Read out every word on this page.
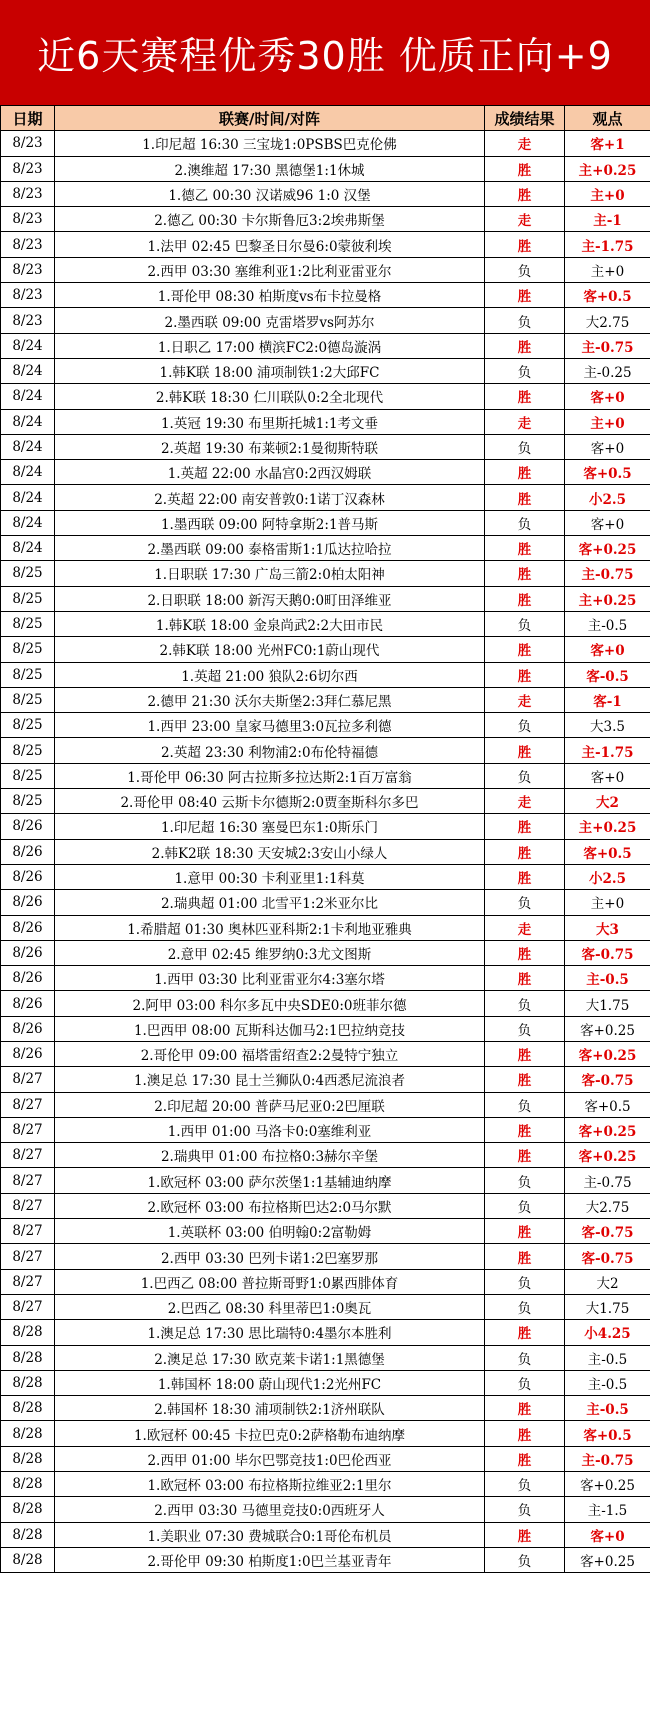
近6天赛程优秀30胜 优质正向+9
日期	联赛/时间/对阵	成绩结果	观点
8/23	1.印尼超 16:30 三宝垅1:0PSBS巴克伦佛	走	客+1
8/23	2.澳维超 17:30 黑德堡1:1休城	胜	主+0.25
8/23	1.德乙 00:30 汉诺威96 1:0 汉堡	胜	主+0
8/23	2.德乙 00:30 卡尔斯鲁厄3:2埃弗斯堡	走	主-1
8/23	1.法甲 02:45 巴黎圣日尔曼6:0蒙彼利埃	胜	主-1.75
8/23	2.西甲 03:30 塞维利亚1:2比利亚雷亚尔	负	主+0
8/23	1.哥伦甲 08:30 柏斯度vs布卡拉曼格	胜	客+0.5
8/23	2.墨西联 09:00 克雷塔罗vs阿苏尔	负	大2.75
8/24	1.日职乙 17:00 横滨FC2:0德岛漩涡	胜	主-0.75
8/24	1.韩K联 18:00 浦项制铁1:2大邱FC	负	主-0.25
8/24	2.韩K联 18:30 仁川联队0:2全北现代	胜	客+0
8/24	1.英冠 19:30 布里斯托城1:1考文垂	走	主+0
8/24	2.英超 19:30 布莱顿2:1曼彻斯特联	负	客+0
8/24	1.英超 22:00 水晶宫0:2西汉姆联	胜	客+0.5
8/24	2.英超 22:00 南安普敦0:1诺丁汉森林	胜	小2.5
8/24	1.墨西联 09:00 阿特拿斯2:1普马斯	负	客+0
8/24	2.墨西联 09:00 泰格雷斯1:1瓜达拉哈拉	胜	客+0.25
8/25	1.日职联 17:30 广岛三箭2:0柏太阳神	胜	主-0.75
8/25	2.日职联 18:00 新泻天鹅0:0町田泽维亚	胜	主+0.25
8/25	1.韩K联 18:00 金泉尚武2:2大田市民	负	主-0.5
8/25	2.韩K联 18:00 光州FC0:1蔚山现代	胜	客+0
8/25	1.英超 21:00 狼队2:6切尔西	胜	客-0.5
8/25	2.德甲 21:30 沃尔夫斯堡2:3拜仁慕尼黑	走	客-1
8/25	1.西甲 23:00 皇家马德里3:0瓦拉多利德	负	大3.5
8/25	2.英超 23:30 利物浦2:0布伦特福德	胜	主-1.75
8/25	1.哥伦甲 06:30 阿古拉斯多拉达斯2:1百万富翁	负	客+0
8/25	2.哥伦甲 08:40 云斯卡尔德斯2:0贾奎斯科尔多巴	走	大2
8/26	1.印尼超 16:30 塞曼巴东1:0斯乐门	胜	主+0.25
8/26	2.韩K2联 18:30 天安城2:3安山小绿人	胜	客+0.5
8/26	1.意甲 00:30 卡利亚里1:1科莫	胜	小2.5
8/26	2.瑞典超 01:00 北雪平1:2米亚尔比	负	主+0
8/26	1.希腊超 01:30 奥林匹亚科斯2:1卡利地亚雅典	走	大3
8/26	2.意甲 02:45 维罗纳0:3尤文图斯	胜	客-0.75
8/26	1.西甲 03:30 比利亚雷亚尔4:3塞尔塔	胜	主-0.5
8/26	2.阿甲 03:00 科尔多瓦中央SDE0:0班菲尔德	负	大1.75
8/26	1.巴西甲 08:00 瓦斯科达伽马2:1巴拉纳竞技	负	客+0.25
8/26	2.哥伦甲 09:00 福塔雷绍查2:2曼特宁独立	胜	客+0.25
8/27	1.澳足总 17:30 昆士兰狮队0:4西悉尼流浪者	胜	客-0.75
8/27	2.印尼超 20:00 普萨马尼亚0:2巴厘联	负	客+0.5
8/27	1.西甲 01:00 马洛卡0:0塞维利亚	胜	客+0.25
8/27	2.瑞典甲 01:00 布拉格0:3赫尔辛堡	胜	客+0.25
8/27	1.欧冠杯 03:00 萨尔茨堡1:1基辅迪纳摩	负	主-0.75
8/27	2.欧冠杯 03:00 布拉格斯巴达2:0马尔默	负	大2.75
8/27	1.英联杯 03:00 伯明翰0:2富勒姆	胜	客-0.75
8/27	2.西甲 03:30 巴列卡诺1:2巴塞罗那	胜	客-0.75
8/27	1.巴西乙 08:00 普拉斯哥野1:0累西腓体育	负	大2
8/27	2.巴西乙 08:30 科里蒂巴1:0奥瓦	负	大1.75
8/28	1.澳足总 17:30 思比瑞特0:4墨尔本胜利	胜	小4.25
8/28	2.澳足总 17:30 欧克莱卡诺1:1黑德堡	负	主-0.5
8/28	1.韩国杯 18:00 蔚山现代1:2光州FC	负	主-0.5
8/28	2.韩国杯 18:30 浦项制铁2:1济州联队	胜	主-0.5
8/28	1.欧冠杯 00:45 卡拉巴克0:2萨格勒布迪纳摩	胜	客+0.5
8/28	2.西甲 01:00 毕尔巴鄂竞技1:0巴伦西亚	胜	主-0.75
8/28	1.欧冠杯 03:00 布拉格斯拉维亚2:1里尔	负	客+0.25
8/28	2.西甲 03:30 马德里竞技0:0西班牙人	负	主-1.5
8/28	1.美职业 07:30 费城联合0:1哥伦布机员	胜	客+0
8/28	2.哥伦甲 09:30 柏斯度1:0巴兰基亚青年	负	客+0.25
